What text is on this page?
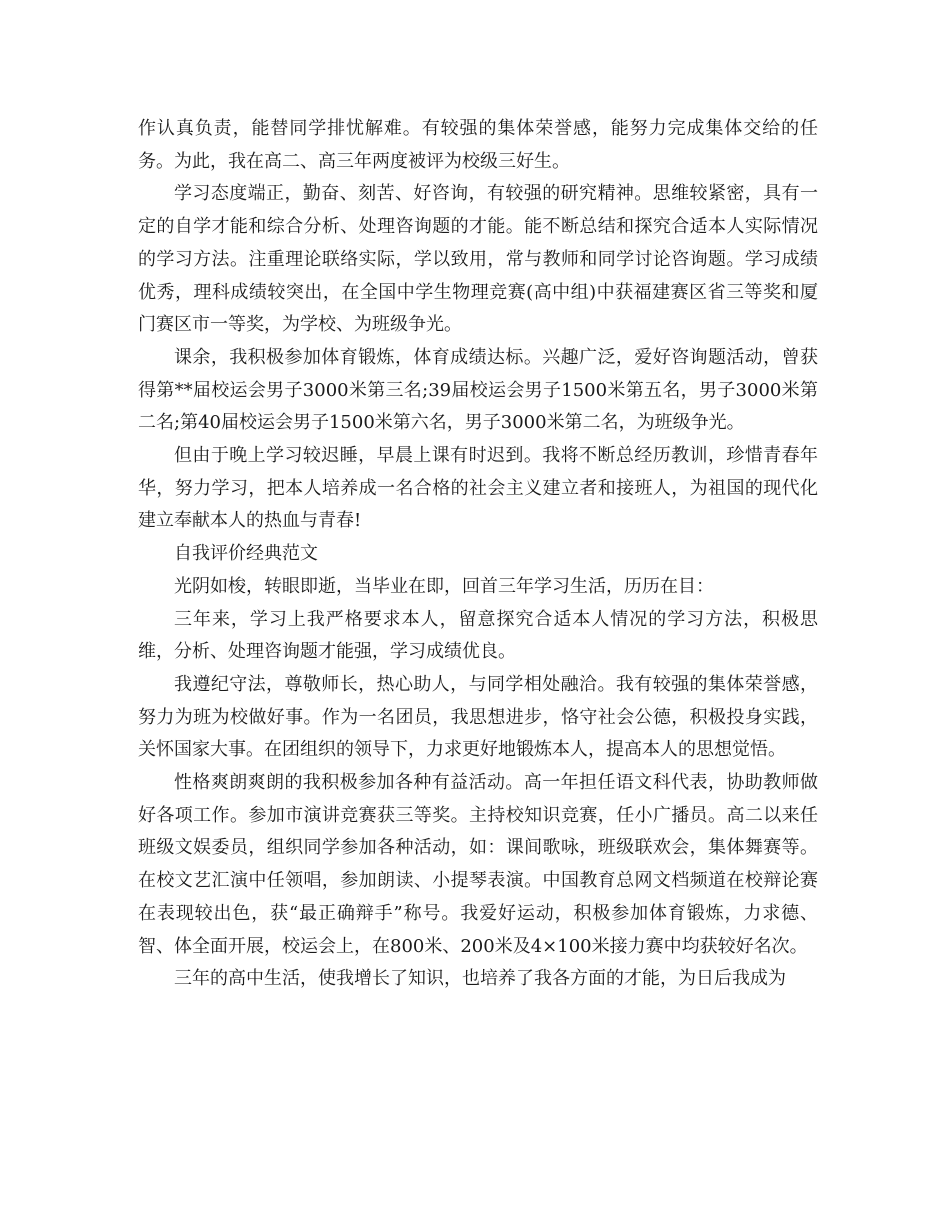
作认真负责，能替同学排忧解难。有较强的集体荣誉感，能努力完成集体交给的任务。为此，我在高二、高三年两度被评为校级三好生。

学习态度端正，勤奋、刻苦、好咨询，有较强的研究精神。思维较紧密，具有一定的自学才能和综合分析、处理咨询题的才能。能不断总结和探究合适本人实际情况的学习方法。注重理论联络实际，学以致用，常与教师和同学讨论咨询题。学习成绩优秀，理科成绩较突出，在全国中学生物理竞赛(高中组)中获福建赛区省三等奖和厦门赛区市一等奖，为学校、为班级争光。

课余，我积极参加体育锻炼，体育成绩达标。兴趣广泛，爱好咨询题活动，曾获得第**届校运会男子3000米第三名;39届校运会男子1500米第五名，男子3000米第二名;第40届校运会男子1500米第六名，男子3000米第二名，为班级争光。

但由于晚上学习较迟睡，早晨上课有时迟到。我将不断总经历教训，珍惜青春年华，努力学习，把本人培养成一名合格的社会主义建立者和接班人，为祖国的现代化建立奉献本人的热血与青春!

自我评价经典范文

光阴如梭，转眼即逝，当毕业在即，回首三年学习生活，历历在目：

三年来，学习上我严格要求本人，留意探究合适本人情况的学习方法，积极思维，分析、处理咨询题才能强，学习成绩优良。

我遵纪守法，尊敬师长，热心助人，与同学相处融洽。我有较强的集体荣誉感，努力为班为校做好事。作为一名团员，我思想进步，恪守社会公德，积极投身实践，关怀国家大事。在团组织的领导下，力求更好地锻炼本人，提高本人的思想觉悟。

性格爽朗爽朗的我积极参加各种有益活动。高一年担任语文科代表，协助教师做好各项工作。参加市演讲竞赛获三等奖。主持校知识竞赛，任小广播员。高二以来任班级文娱委员，组织同学参加各种活动，如：课间歌咏，班级联欢会，集体舞赛等。在校文艺汇演中任领唱，参加朗读、小提琴表演。中国教育总网文档频道在校辩论赛在表现较出色，获“最正确辩手”称号。我爱好运动，积极参加体育锻炼，力求德、智、体全面开展，校运会上，在800米、200米及4×100米接力赛中均获较好名次。

三年的高中生活，使我增长了知识，也培养了我各方面的才能，为日后我成为
